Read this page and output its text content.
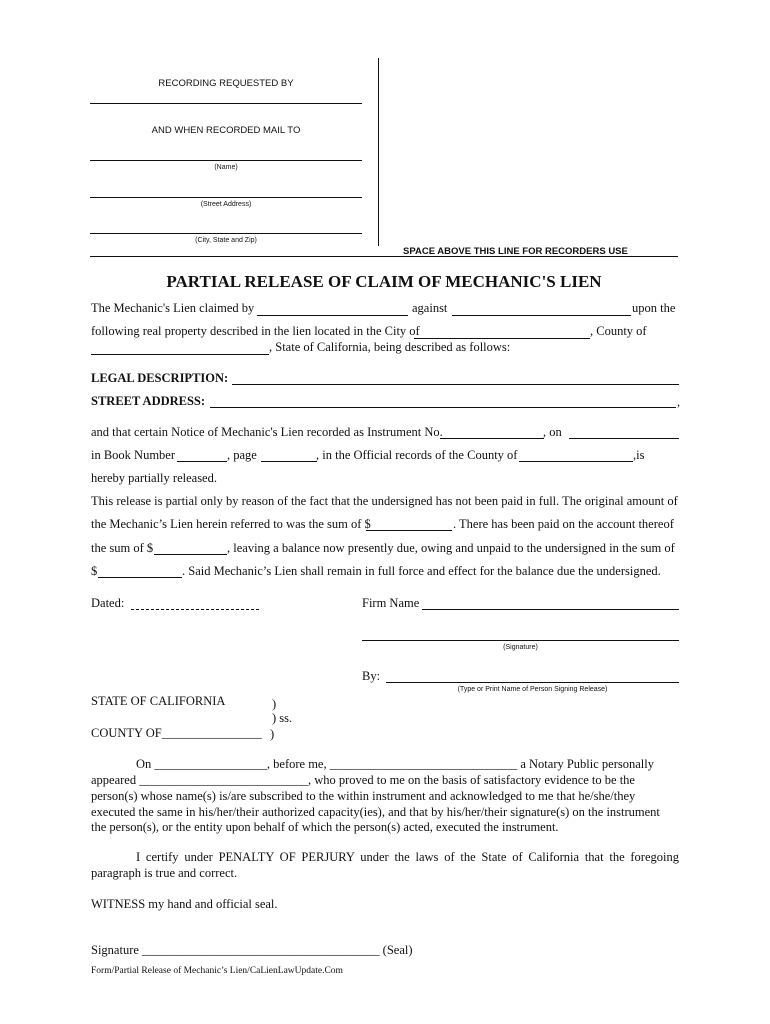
RECORDING REQUESTED BY
AND WHEN RECORDED MAIL TO
(Name)
(Street Address)
(City, State and Zip)
SPACE ABOVE THIS LINE FOR RECORDERS USE
PARTIAL RELEASE OF CLAIM OF MECHANIC'S LIEN
The Mechanic's Lien claimed by	against	upon the
following real property described in the lien located in the City of	, County of
, State of California, being described as follows:
LEGAL DESCRIPTION:
STREET ADDRESS:	,
and that certain Notice of Mechanic's Lien recorded as Instrument No.	, on
in Book Number	, page	, in the Official records of the County of	,is
hereby partially released.
This release is partial only by reason of the fact that the undersigned has not been paid in full. The original amount of
the Mechanic’s Lien herein referred to was the sum of $	. There has been paid on the account thereof
the sum of $	, leaving a balance now presently due, owing and unpaid to the undersigned in the sum of
$	. Said Mechanic’s Lien shall remain in full force and effect for the balance due the undersigned.
Dated:	Firm Name
(Signature)
By:
(Type or Print Name of Person Signing Release)
STATE OF CALIFORNIA	)
) ss.
COUNTY OF________________ )
On __________________, before me, ______________________________ a Notary Public personally
appeared ___________________________, who proved to me on the basis of satisfactory evidence to be the
person(s) whose name(s) is/are subscribed to the within instrument and acknowledged to me that he/she/they
executed the same in his/her/their authorized capacity(ies), and that by his/her/their signature(s) on the instrument
the person(s), or the entity upon behalf of which the person(s) acted, executed the instrument.
I certify under PENALTY OF PERJURY under the laws of the State of California that the foregoing
paragraph is true and correct.
WITNESS my hand and official seal.
Signature ______________________________________ (Seal)
Form/Partial Release of Mechanic’s Lien/CaLienLawUpdate.Com
